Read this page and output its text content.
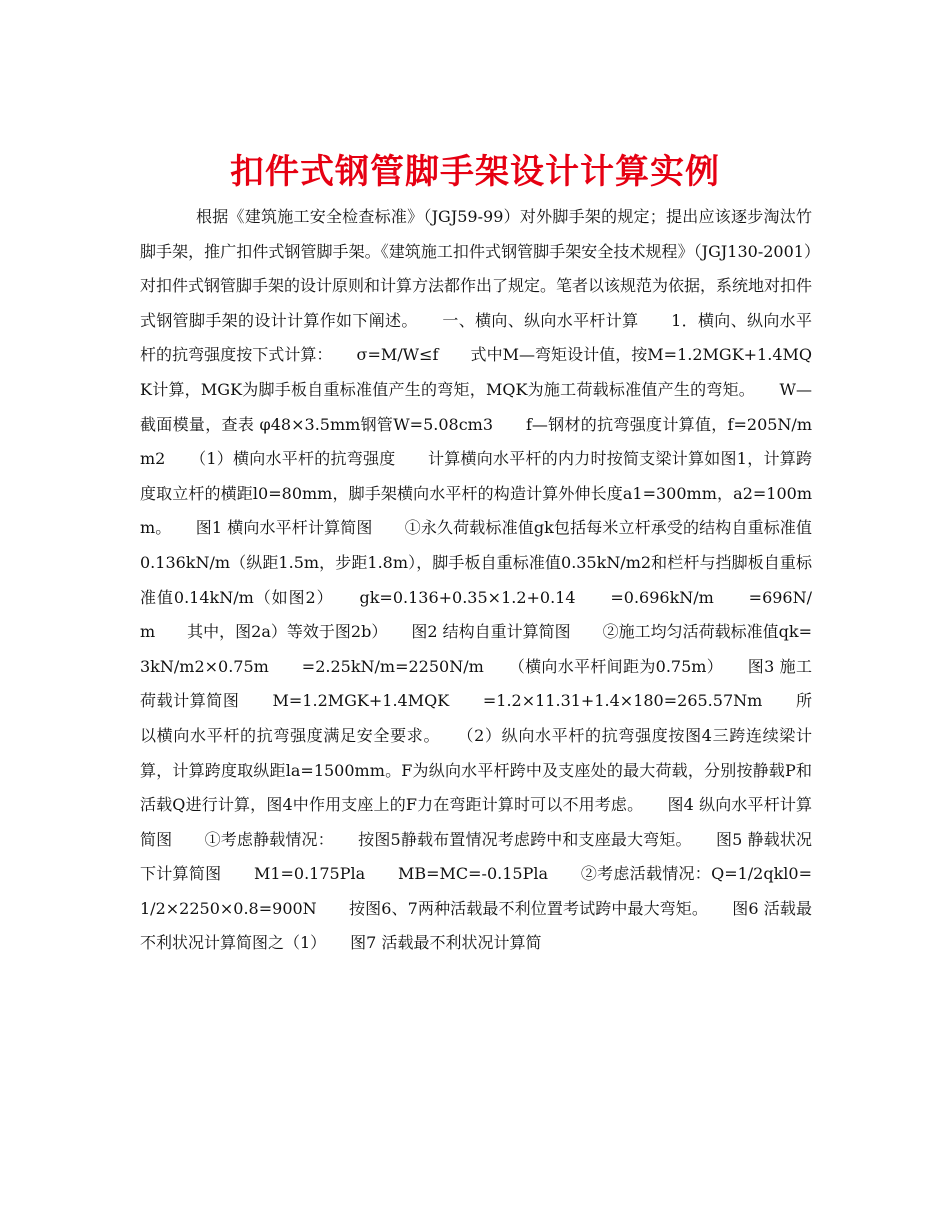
扣件式钢管脚手架设计计算实例

根据《建筑施工安全检查标准》（JGJ59-99）对外脚手架的规定；提出应该逐步淘汰竹脚手架，推广扣件式钢管脚手架。《建筑施工扣件式钢管脚手架安全技术规程》（JGJ130-2001）对扣件式钢管脚手架的设计原则和计算方法都作出了规定。笔者以该规范为依据，系统地对扣件式钢管脚手架的设计计算作如下阐述。　　一、横向、纵向水平杆计算　　1．横向、纵向水平杆的抗弯强度按下式计算：　　σ=M/W≤f　　式中M—弯矩设计值，按M=1.2MGK+1.4MQK计算，MGK为脚手板自重标准值产生的弯矩，MQK为施工荷载标准值产生的弯矩。　　W—截面模量，查表 φ48×3.5mm钢管W=5.08cm3　　f—钢材的抗弯强度计算值，f=205N/mm2　　（1）横向水平杆的抗弯强度　　计算横向水平杆的内力时按简支梁计算如图1，计算跨度取立杆的横距l0=80mm，脚手架横向水平杆的构造计算外伸长度a1=300mm，a2=100mm。　　图1 横向水平杆计算简图　　①永久荷载标准值gk包括每米立杆承受的结构自重标准值0.136kN/m（纵距1.5m，步距1.8m），脚手板自重标准值0.35kN/m2和栏杆与挡脚板自重标准值0.14kN/m（如图2）　　gk=0.136+0.35×1.2+0.14　　=0.696kN/m　　=696N/m　　其中，图2a）等效于图2b）　　图2 结构自重计算简图　　②施工均匀活荷载标准值qk=3kN/m2×0.75m　　=2.25kN/m=2250N/m　　（横向水平杆间距为0.75m）　　图3 施工荷载计算简图　　M=1.2MGK+1.4MQK　　=1.2×11.31+1.4×180=265.57Nm　　所以横向水平杆的抗弯强度满足安全要求。　　（2）纵向水平杆的抗弯强度按图4三跨连续梁计算，计算跨度取纵距la=1500mm。F为纵向水平杆跨中及支座处的最大荷载，分别按静载P和活载Q进行计算，图4中作用支座上的F力在弯距计算时可以不用考虑。　　图4 纵向水平杆计算简图　　①考虑静载情况：　　按图5静载布置情况考虑跨中和支座最大弯矩。　　图5 静载状况下计算简图　　M1=0.175Pla　　MB=MC=-0.15Pla　　②考虑活载情况：Q=1/2qkl0=1/2×2250×0.8=900N　　按图6、7两种活载最不利位置考试跨中最大弯矩。　　图6 活载最不利状况计算简图之（1）　　图7 活载最不利状况计算简
